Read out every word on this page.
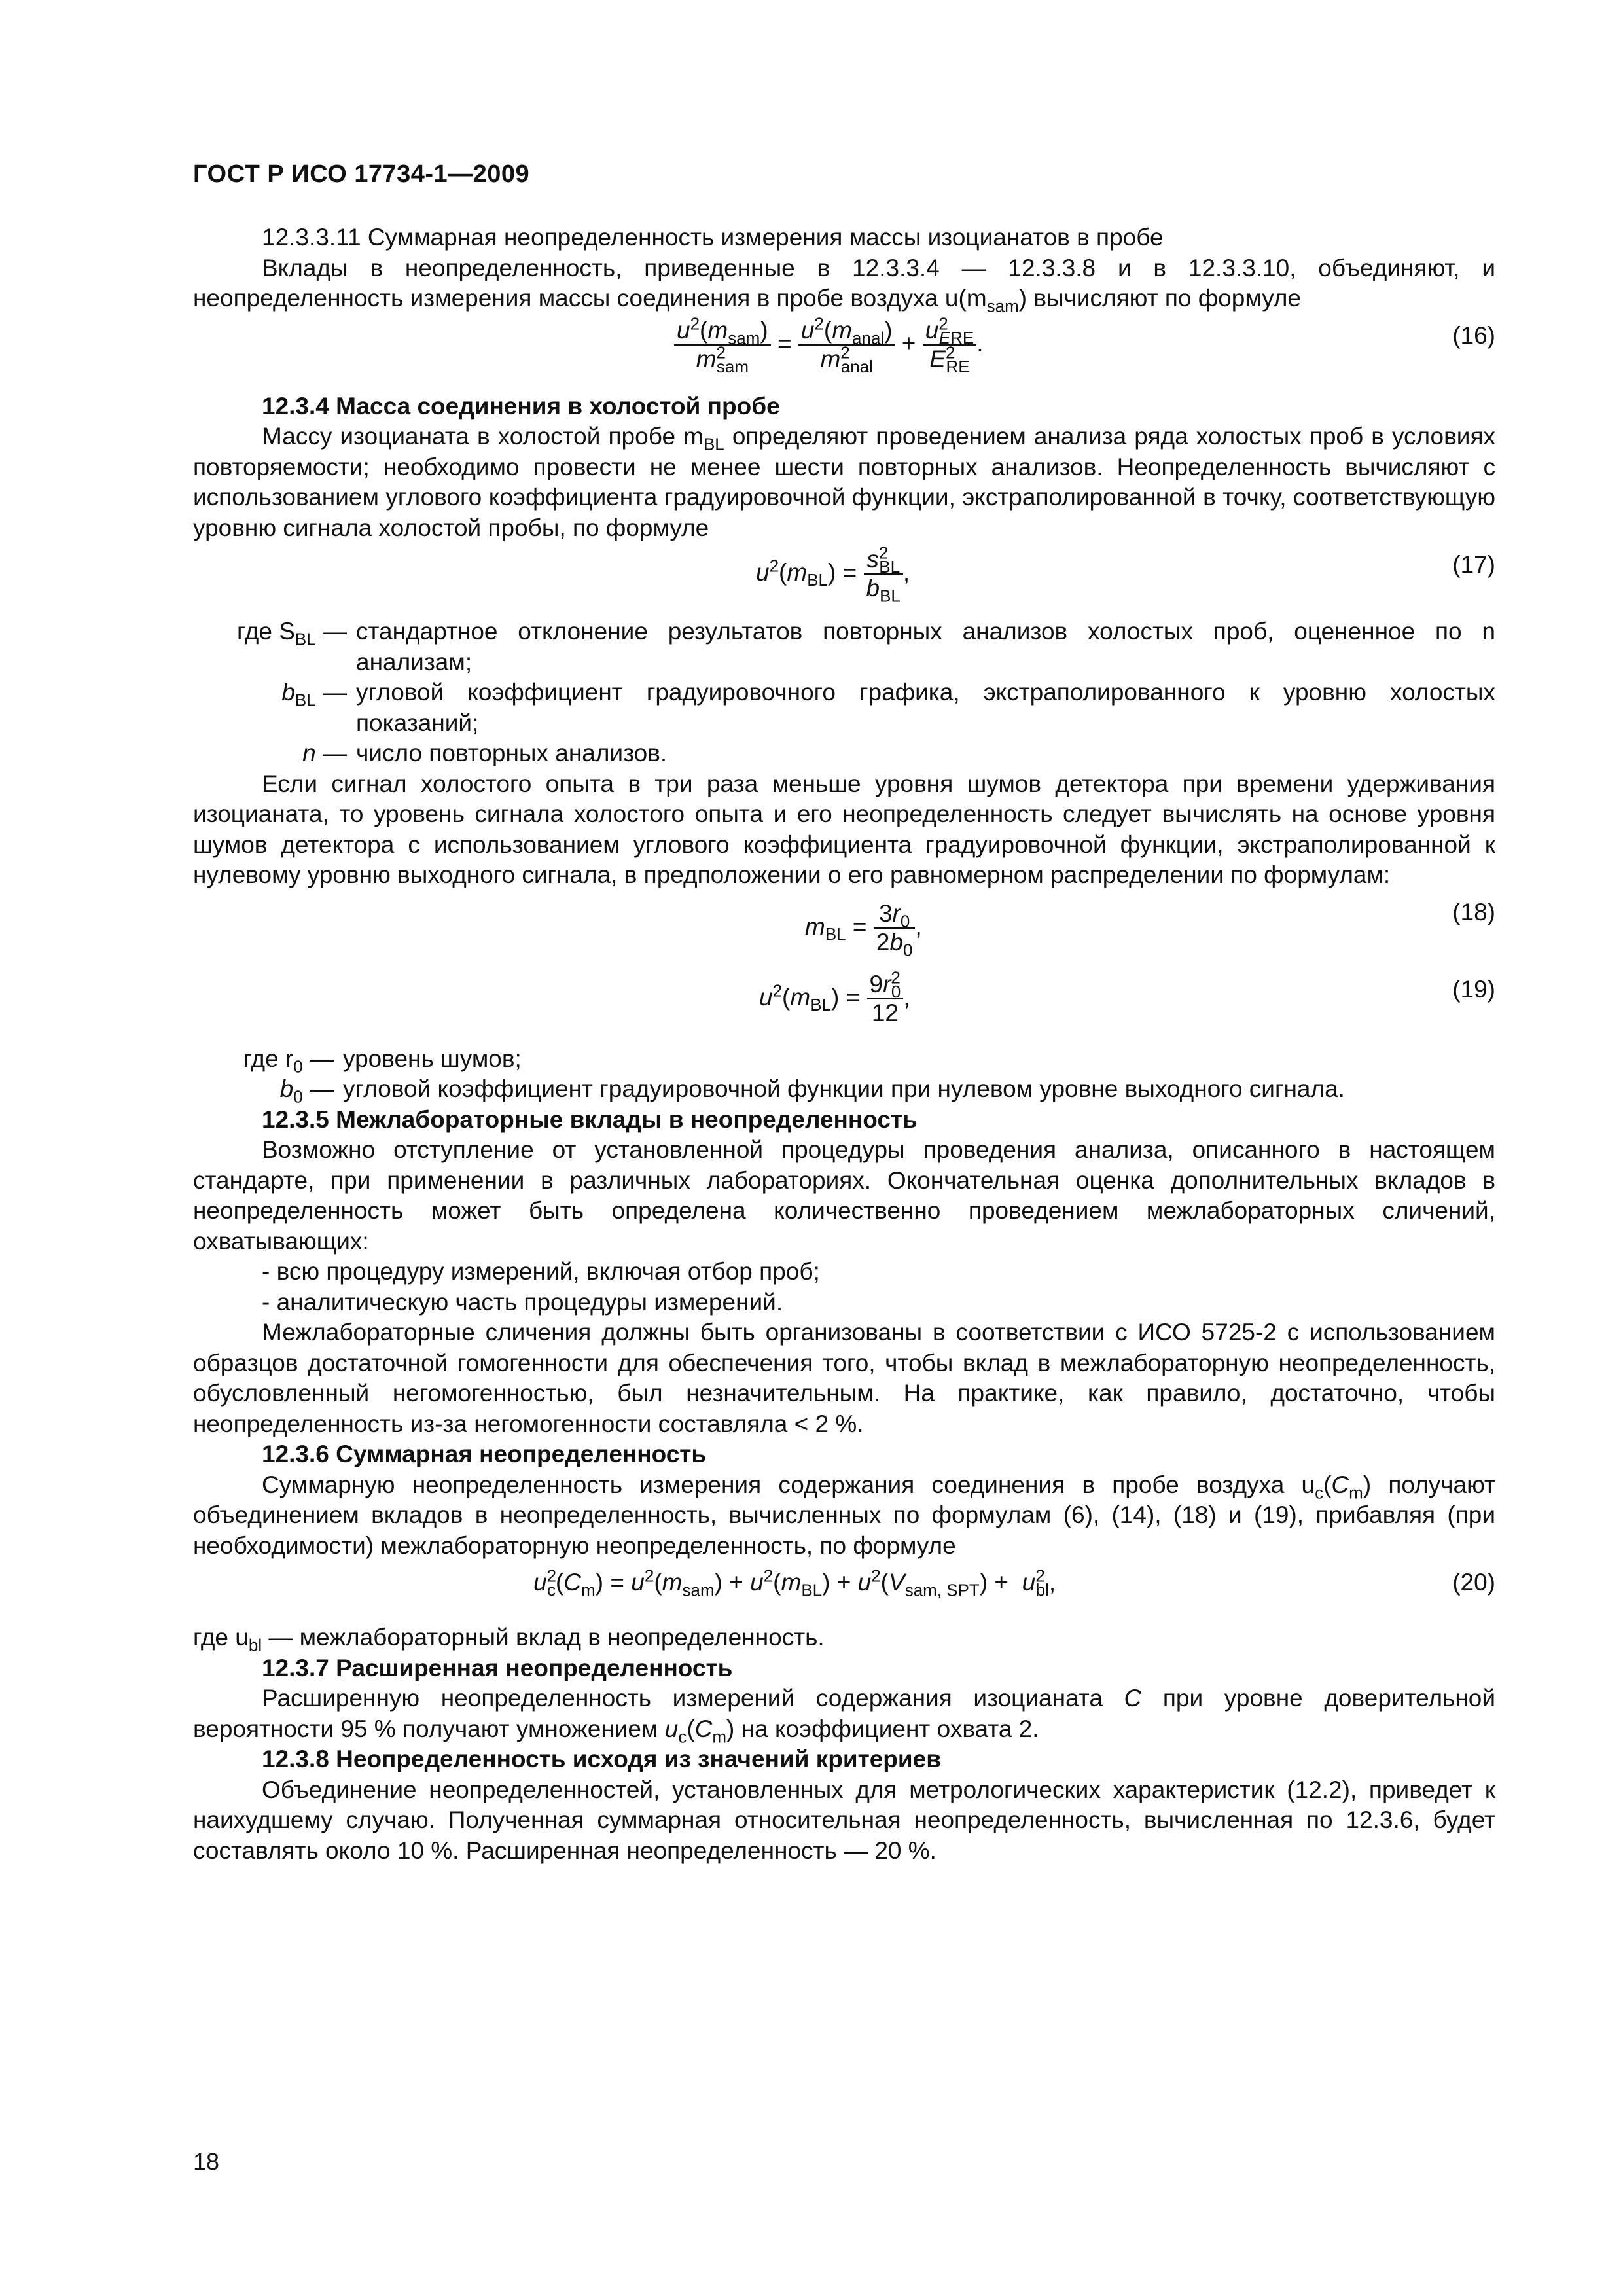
ГОСТ Р ИСО 17734-1—2009

12.3.3.11 Суммарная неопределенность измерения массы изоцианатов в пробе

Вклады в неопределенность, приведенные в 12.3.3.4 — 12.3.3.8 и в 12.3.3.10, объединяют, и неопределенность измерения массы соединения в пробе воздуха $u(m_{sam})$ вычисляют по формуле

$\frac{u^2(m_{sam})}{m^2_{sam}} = \frac{u^2(m_{anal})}{m^2_{anal}} + \frac{u^2_{ERE}}{E^2_{RE}}$ .	(16)

12.3.4 Масса соединения в холостой пробе

Массу изоцианата в холостой пробе $m_{BL}$ определяют проведением анализа ряда холостых проб в условиях повторяемости; необходимо провести не менее шести повторных анализов. Неопределенность вычисляют с использованием углового коэффициента градуировочной функции, экстраполированной в точку, соответствующую уровню сигнала холостой пробы, по формуле

$u^2(m_{BL}) = \frac{s^2_{BL}}{b_{BL}}$ ,	(17)
где $S_{BL}$ — стандартное отклонение результатов повторных анализов холостых проб, оцененное по n анализам;
$b_{BL}$ — угловой коэффициент градуировочного графика, экстраполированного к уровню холостых показаний;
n — число повторных анализов.

Если сигнал холостого опыта в три раза меньше уровня шумов детектора при времени удерживания изоцианата, то уровень сигнала холостого опыта и его неопределенность следует вычислять на основе уровня шумов детектора с использованием углового коэффициента градуировочной функции, экстраполированной к нулевому уровню выходного сигнала, в предположении о его равномерном распределении по формулам:

$m_{BL} = \frac{3r_0}{2b_0}$ ,
(18)
$u^2(m_{BL}) = \frac{9r^2_0}{12}$ ,	(19)
где $r_0$ — уровень шумов;
$b_0$ — угловой коэффициент градуировочной функции при нулевом уровне выходного сигнала.

12.3.5 Межлабораторные вклады в неопределенность

Возможно отступление от установленной процедуры проведения анализа, описанного в настоящем стандарте, при применении в различных лабораториях. Окончательная оценка дополнительных вкладов в неопределенность может быть определена количественно проведением межлабораторных сличений, охватывающих:

- всю процедуру измерений, включая отбор проб;

- аналитическую часть процедуры измерений.

Межлабораторные сличения должны быть организованы в соответствии с ИСО 5725-2 с использованием образцов достаточной гомогенности для обеспечения того, чтобы вклад в межлабораторную неопределенность, обусловленный негомогенностью, был незначительным. На практике, как правило, достаточно, чтобы неопределенность из-за негомогенности составляла < 2 %.

12.3.6 Суммарная неопределенность

Суммарную неопределенность измерения содержания соединения в пробе воздуха $u_c(C_m)$ получают объединением вкладов в неопределенность, вычисленных по формулам (6), (14), (18) и (19), прибавляя (при необходимости) межлабораторную неопределенность, по формуле

$u^2_c(C_m) = u^2(m_{sam}) + u^2(m_{BL}) + u^2(V_{sam, SPT}) + u^2_{bl}$,	(20)

где $u_{bl}$ — межлабораторный вклад в неопределенность.

12.3.7 Расширенная неопределенность

Расширенную неопределенность измерений содержания изоцианата C при уровне доверительной вероятности 95 % получают умножением $u_c(C_m)$ на коэффициент охвата 2.

12.3.8 Неопределенность исходя из значений критериев

Объединение неопределенностей, установленных для метрологических характеристик (12.2), приведет к наихудшему случаю. Полученная суммарная относительная неопределенность, вычисленная по 12.3.6, будет составлять около 10 %. Расширенная неопределенность — 20 %.

18
